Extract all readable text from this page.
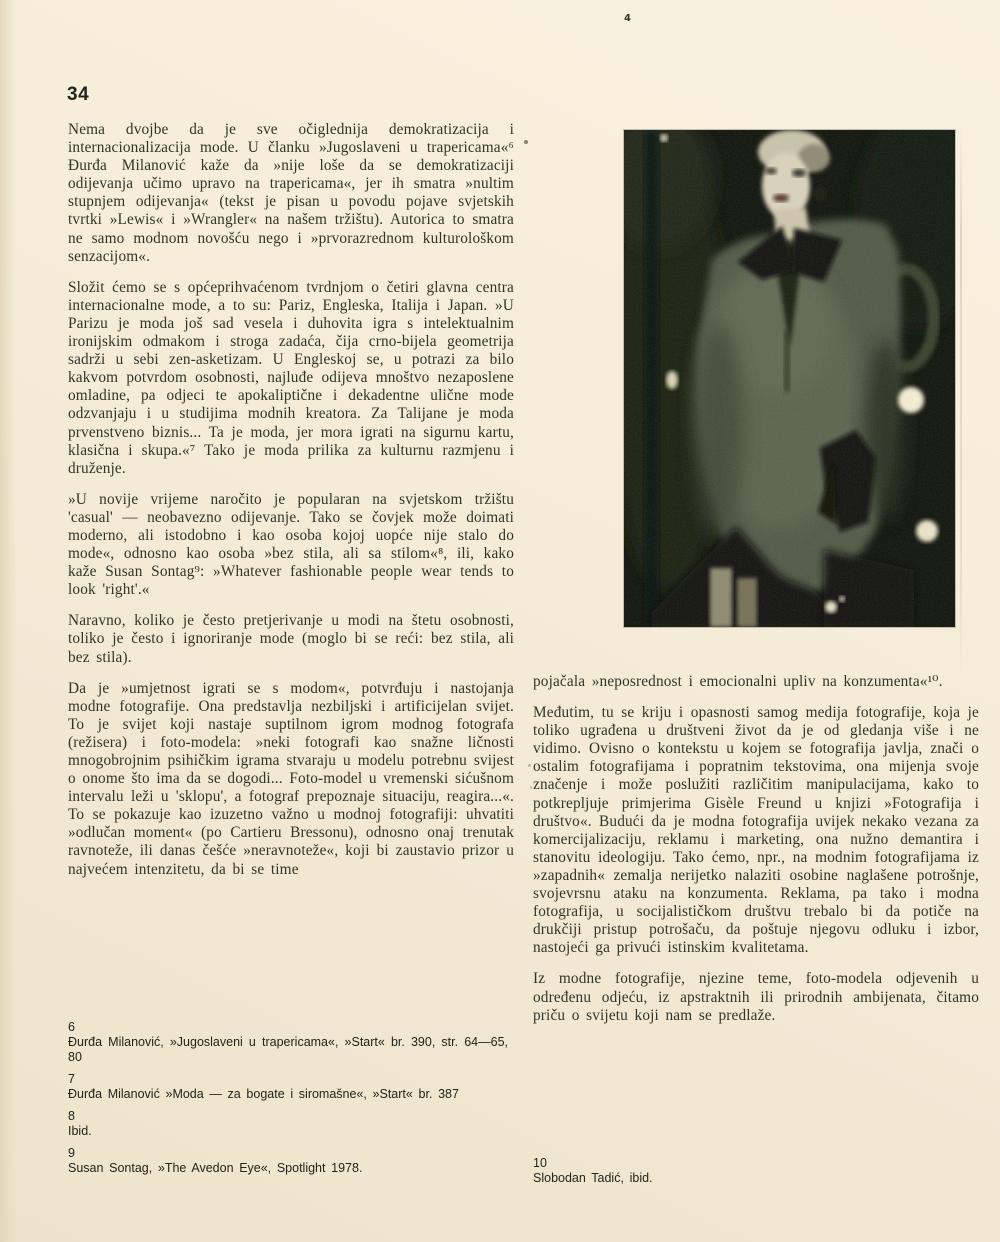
4
34

Nema dvojbe da je sve očiglednija demokratizacija i internacionalizacija mode. U članku »Jugoslaveni u trapericama«⁶ Đurđa Milanović kaže da »nije loše da se demokratizaciji odijevanja učimo upravo na trapericama«, jer ih smatra »nultim stupnjem odijevanja« (tekst je pisan u povodu pojave svjetskih tvrtki »Lewis« i »Wrangler« na našem tržištu). Autorica to smatra ne samo modnom novošću nego i »prvorazrednom kulturološkom senzacijom«.

Složit ćemo se s općeprihvaćenom tvrdnjom o četiri glavna centra internacionalne mode, a to su: Pariz, Engleska, Italija i Japan. »U Parizu je moda još sad vesela i duhovita igra s intelektualnim ironijskim odmakom i stroga zadaća, čija crno-bijela geometrija sadrži u sebi zen-asketizam. U Engleskoj se, u potrazi za bilo kakvom potvrdom osobnosti, najluđe odijeva mnoštvo nezaposlene omladine, pa odjeci te apokaliptične i dekadentne ulične mode odzvanjaju i u studijima modnih kreatora. Za Talijane je moda prvenstveno biznis... Ta je moda, jer mora igrati na sigurnu kartu, klasična i skupa.«⁷ Tako je moda prilika za kulturnu razmjenu i druženje.

»U novije vrijeme naročito je popularan na svjetskom tržištu 'casual' — neobavezno odijevanje. Tako se čovjek može doimati moderno, ali istodobno i kao osoba kojoj uopće nije stalo do mode«, odnosno kao osoba »bez stila, ali sa stilom«⁸, ili, kako kaže Susan Sontag⁹: »Whatever fashionable people wear tends to look 'right'.«

Naravno, koliko je često pretjerivanje u modi na štetu osobnosti, toliko je često i ignoriranje mode (moglo bi se reći: bez stila, ali bez stila).

Da je »umjetnost igrati se s modom«, potvrđuju i nastojanja modne fotografije. Ona predstavlja nezbiljski i artificijelan svijet. To je svijet koji nastaje suptilnom igrom modnog fotografa (režisera) i foto-modela: »neki fotografi kao snažne ličnosti mnogobrojnim psihičkim igrama stvaraju u modelu potrebnu svijest o onome što ima da se dogodi... Foto-model u vremenski sićušnom intervalu leži u 'sklopu', a fotograf prepoznaje situaciju, reagira...«. To se pokazuje kao izuzetno važno u modnoj fotografiji: uhvatiti »odlučan moment« (po Cartieru Bressonu), odnosno onaj trenutak ravnoteže, ili danas češće »neravnoteže«, koji bi zaustavio prizor u najvećem intenzitetu, da bi se time

pojačala »neposrednost i emocionalni upliv na konzumenta«¹⁰.

Međutim, tu se kriju i opasnosti samog medija fotografije, koja je toliko ugrađena u društveni život da je od gledanja više i ne vidimo. Ovisno o kontekstu u kojem se fotografija javlja, znači o ostalim fotografijama i popratnim tekstovima, ona mijenja svoje značenje i može poslužiti različitim manipulacijama, kako to potkrepljuje primjerima Gisèle Freund u knjizi »Fotografija i društvo«. Budući da je modna fotografija uvijek nekako vezana za komercijalizaciju, reklamu i marketing, ona nužno demantira i stanovitu ideologiju. Tako ćemo, npr., na modnim fotografijama iz »zapadnih« zemalja nerijetko nalaziti osobine naglašene potrošnje, svojevrsnu ataku na konzumenta. Reklama, pa tako i modna fotografija, u socijalističkom društvu trebalo bi da potiče na drukčiji pristup potrošaču, da poštuje njegovu odluku i izbor, nastojeći ga privući istinskim kvalitetama.

Iz modne fotografije, njezine teme, foto-modela odjevenih u određenu odjeću, iz apstraktnih ili prirodnih ambijenata, čitamo priču o svijetu koji nam se predlaže.

6
Đurđa Milanović, »Jugoslaveni u trapericama«, »Start« br. 390, str. 64—65, 80
7
Đurđa Milanović »Moda — za bogate i siromašne«, »Start« br. 387
8
Ibid.
9
Susan Sontag, »The Avedon Eye«, Spotlight 1978.	10
Slobodan Tadić, ibid.
